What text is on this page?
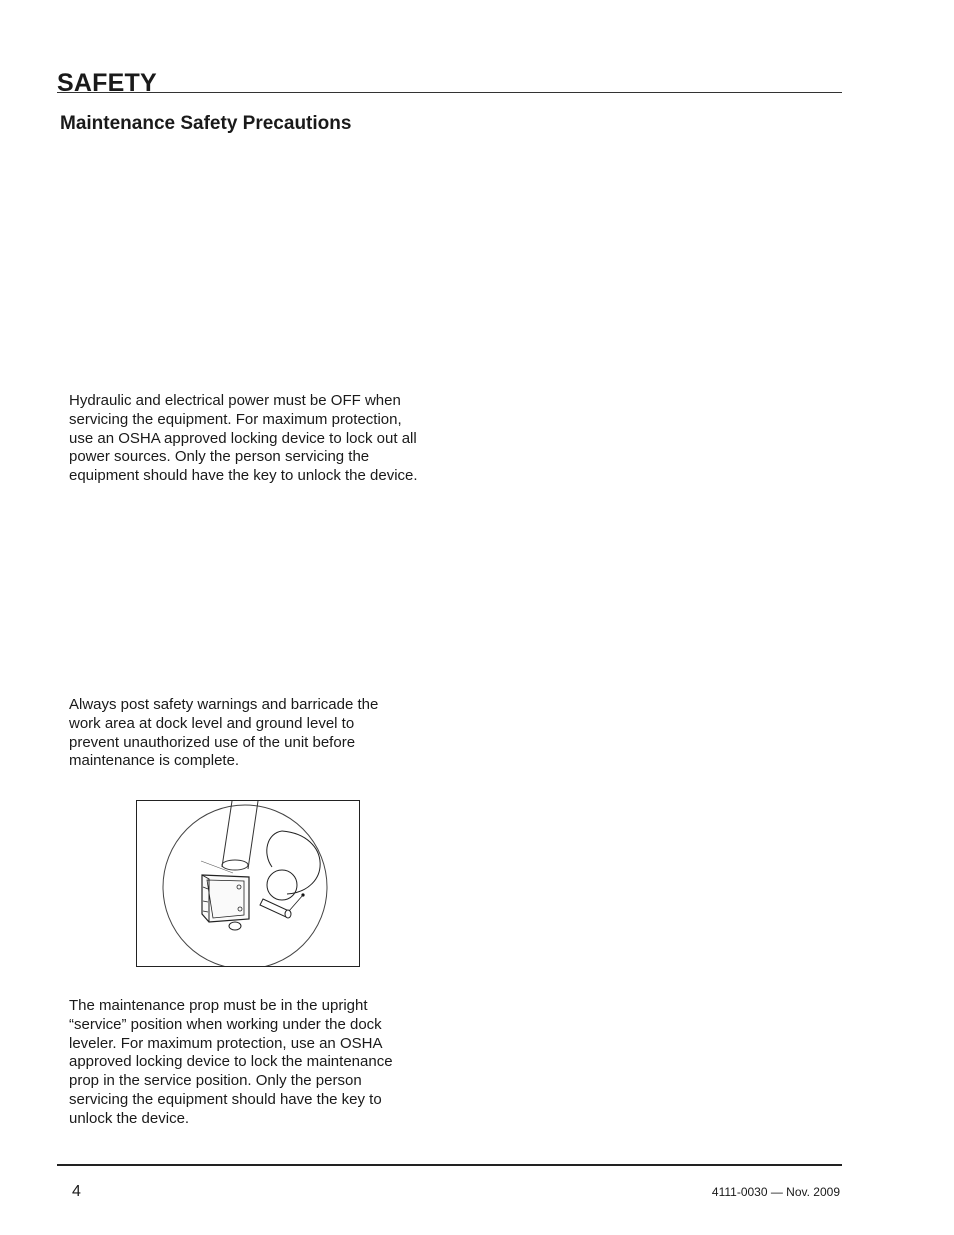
SAFETY
Maintenance Safety Precautions

Hydraulic and electrical power must be OFF when servicing the equipment. For maximum protection, use an OSHA approved locking device to lock out all power sources. Only the person servicing the equipment should have the key to unlock the device.

Always post safety warnings and barricade the work area at dock level and ground level to prevent unauthorized use of the unit before maintenance is complete.

The maintenance prop must be in the upright “service” position when working under the dock leveler. For maximum protection, use an OSHA approved locking device to lock the maintenance prop in the service position. Only the person servicing the equipment should have the key to unlock the device.

4	4111-0030 — Nov. 2009
